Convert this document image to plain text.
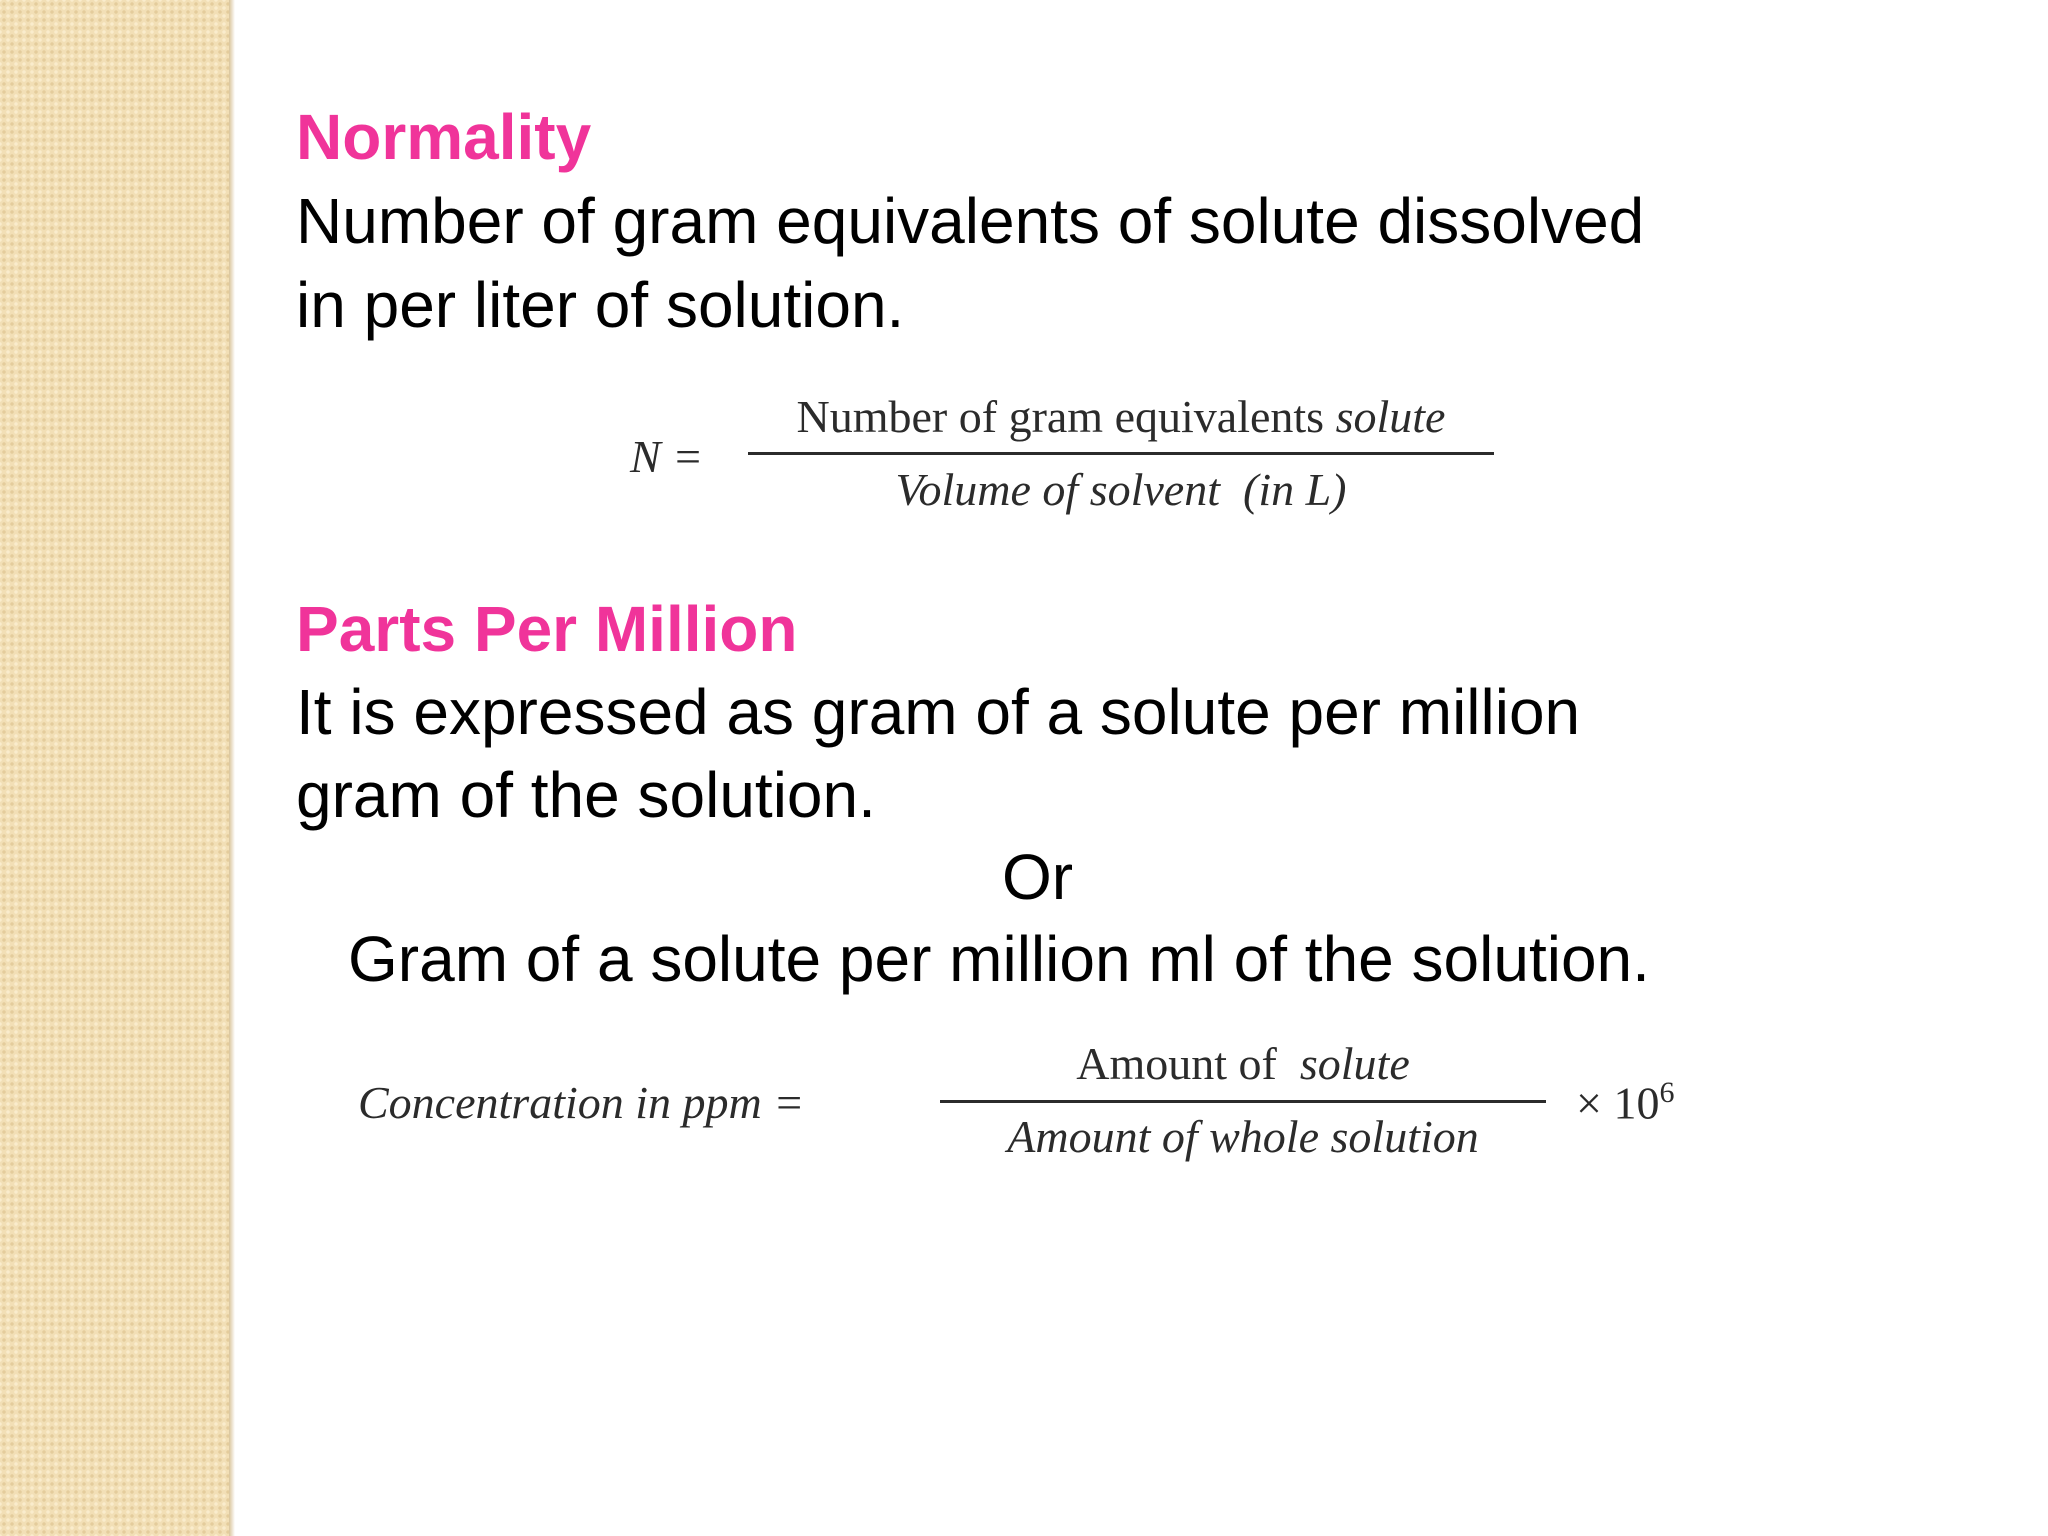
Normality
Number of gram equivalents of solute dissolved
in per liter of solution.
N =
Number of gram equivalents solute
Volume of solvent (in L)
Parts Per Million
It is expressed as gram of a solute per million
gram of the solution.
Or
Gram of a solute per million ml of the solution.
Concentration in ppm =
Amount of solute
Amount of whole solution
× $10^6$
